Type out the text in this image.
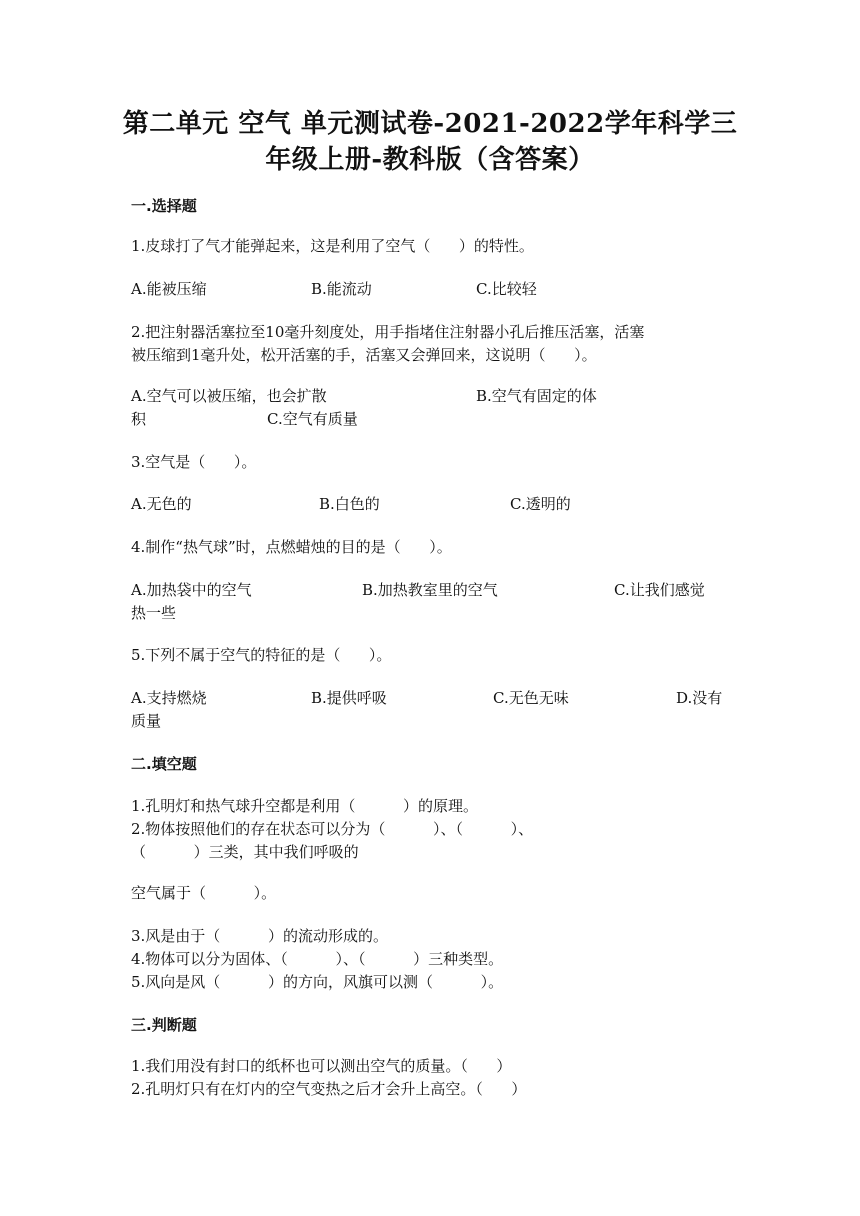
第二单元 空气 单元测试卷-2021-2022学年科学三
年级上册-教科版（含答案）
一.选择题
1.皮球打了气才能弹起来，这是利用了空气（      ）的特性。
A.能被压缩	B.能流动	C.比较轻
2.把注射器活塞拉至10毫升刻度处，用手指堵住注射器小孔后推压活塞，活塞
被压缩到1毫升处，松开活塞的手，活塞又会弹回来，这说明（      ）。
A.空气可以被压缩，也会扩散	B.空气有固定的体
积	C.空气有质量
3.空气是（      ）。
A.无色的	B.白色的	C.透明的
4.制作“热气球”时，点燃蜡烛的目的是（      ）。
A.加热袋中的空气	B.加热教室里的空气	C.让我们感觉
热一些
5.下列不属于空气的特征的是（      ）。
A.支持燃烧	B.提供呼吸	C.无色无味	D.没有
质量
二.填空题
1.孔明灯和热气球升空都是利用（          ）的原理。
2.物体按照他们的存在状态可以分为（          ）、（          ）、
（          ）三类，其中我们呼吸的
空气属于（          ）。
3.风是由于（          ）的流动形成的。
4.物体可以分为固体、（          ）、（          ）三种类型。
5.风向是风（          ）的方向，风旗可以测（          ）。
三.判断题
1.我们用没有封口的纸杯也可以测出空气的质量。（      ）
2.孔明灯只有在灯内的空气变热之后才会升上高空。（      ）
